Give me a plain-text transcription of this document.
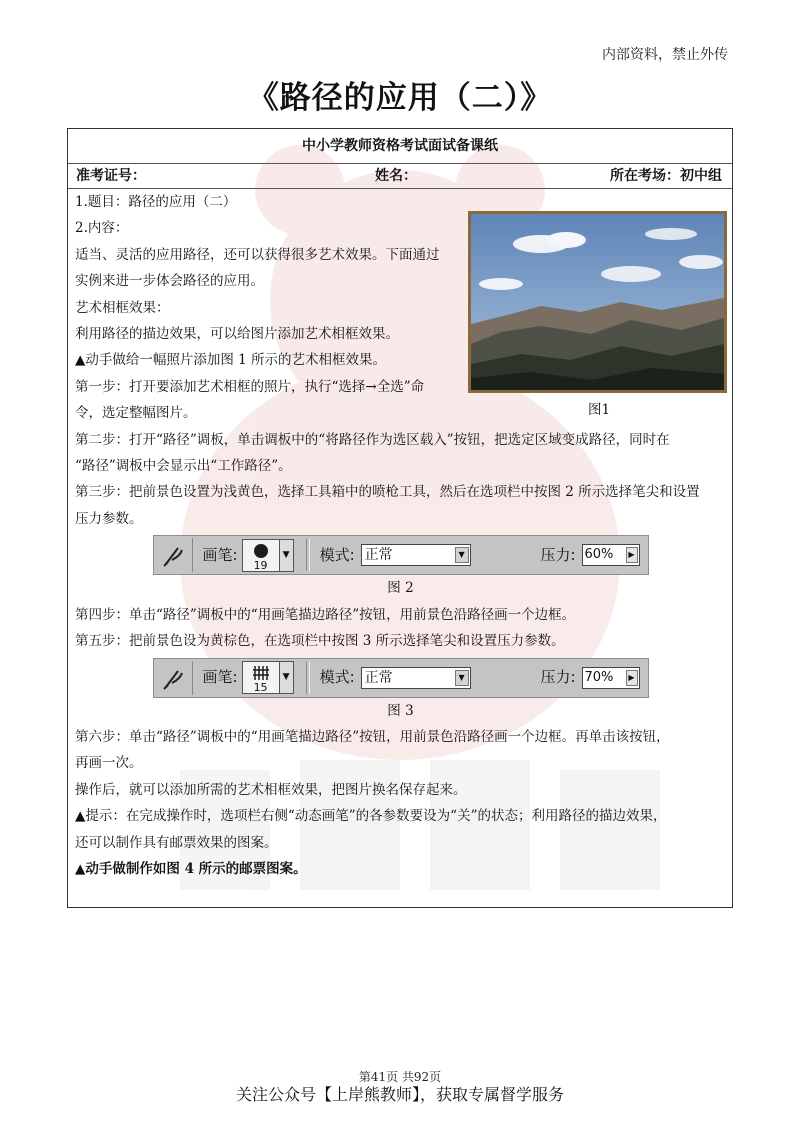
内部资料，禁止外传
《路径的应用（二）》
中小学教师资格考试面试备课纸
准考证号：	姓名：	所在考场：初中组
图1

1.题目：路径的应用（二）

2.内容：

适当、灵活的应用路径，还可以获得很多艺术效果。下面通过

实例来进一步体会路径的应用。

艺术相框效果：

利用路径的描边效果，可以给图片添加艺术相框效果。

▲动手做给一幅照片添加图 1 所示的艺术相框效果。

第一步：打开要添加艺术相框的照片，执行“选择→全选”命

令，选定整幅图片。

第二步：打开“路径”调板，单击调板中的“将路径作为选区载入”按钮，把选定区域变成路径，同时在

“路径”调板中会显示出“工作路径”。

第三步：把前景色设置为浅黄色，选择工具箱中的喷枪工具，然后在选项栏中按图 2 所示选择笔尖和设置

压力参数。

画笔:
19
▼ 模式: 正常	▼	压力: 60%	▶

图 2

第四步：单击“路径”调板中的“用画笔描边路径”按钮，用前景色沿路径画一个边框。

第五步：把前景色设为黄棕色，在选项栏中按图 3 所示选择笔尖和设置压力参数。

画笔:
15
▼ 模式: 正常	▼	压力: 70%	▶

图 3

第六步：单击“路径”调板中的“用画笔描边路径”按钮，用前景色沿路径画一个边框。再单击该按钮，

再画一次。

操作后，就可以添加所需的艺术相框效果，把图片换名保存起来。

▲提示：在完成操作时，选项栏右侧“动态画笔”的各参数要设为“关”的状态；利用路径的描边效果，

还可以制作具有邮票效果的图案。

▲动手做制作如图 4 所示的邮票图案。

第41页 共92页
关注公众号【上岸熊教师】，获取专属督学服务
